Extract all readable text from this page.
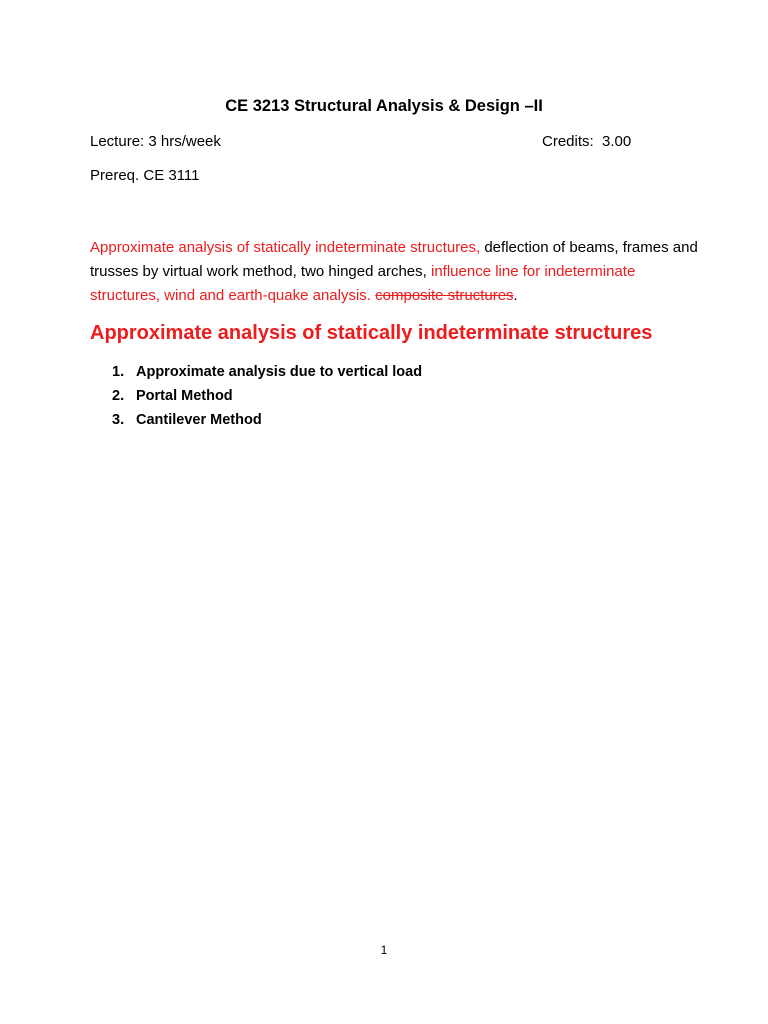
CE 3213 Structural Analysis & Design –II
Lecture: 3 hrs/week	Credits:  3.00
Prereq. CE 3111
Approximate analysis of statically indeterminate structures, deflection of beams, frames and trusses by virtual work method, two hinged arches, influence line for indeterminate structures, wind and earth-quake analysis. composite structures.
Approximate analysis of statically indeterminate structures
1. Approximate analysis due to vertical load
2. Portal Method
3. Cantilever Method
1
